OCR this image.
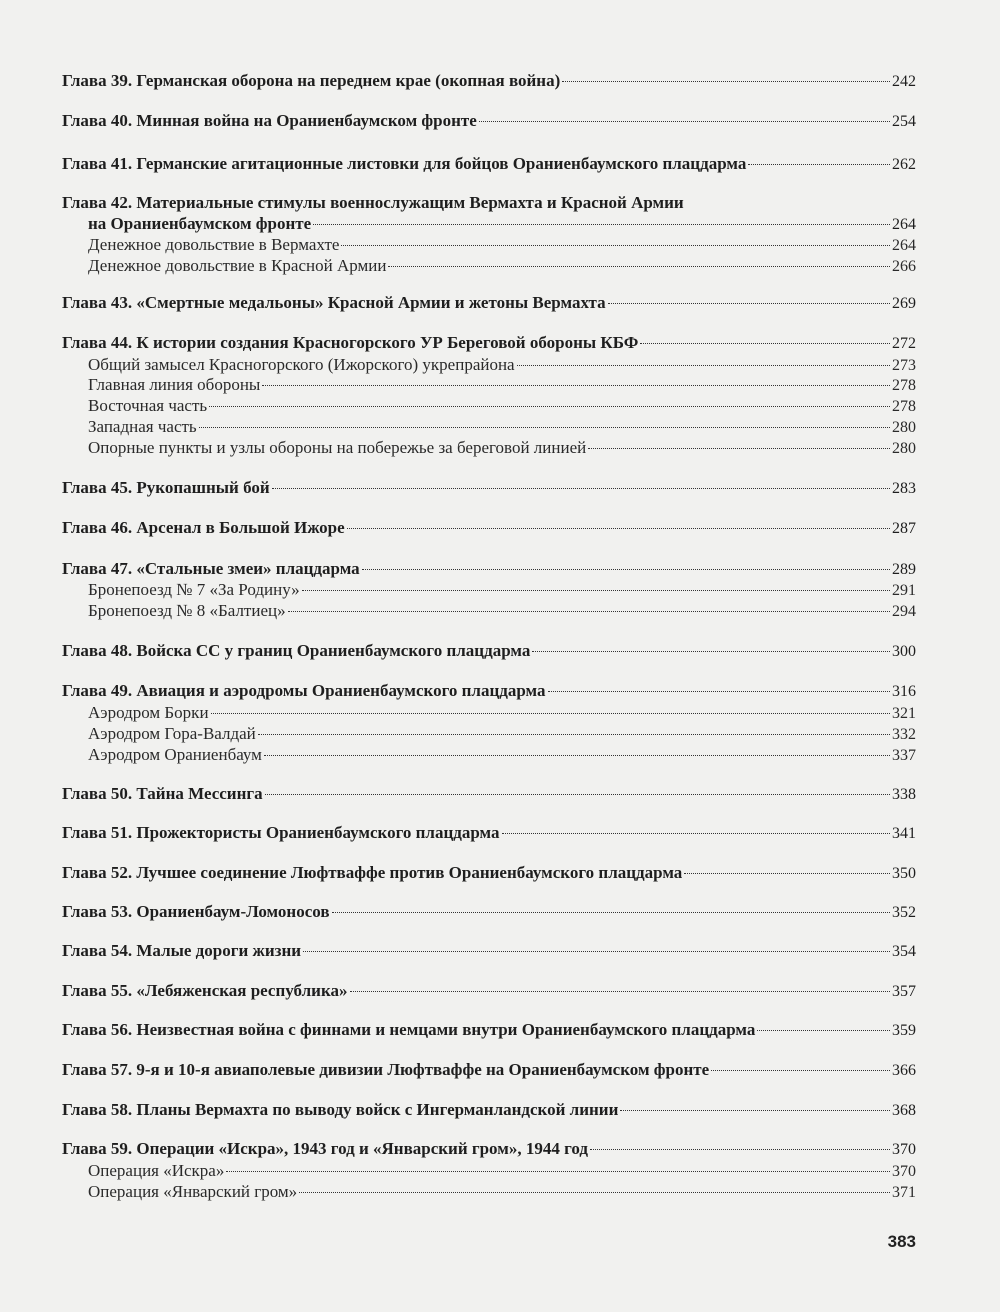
Глава 39. Германская оборона на переднем крае (окопная война)	242
Глава 40. Минная война на Ораниенбаумском фронте	254
Глава 41. Германские агитационные листовки для бойцов Ораниенбаумского плацдарма	262
Глава 42. Материальные стимулы военнослужащим Вермахта и Красной Армии
на Ораниенбаумском фронте	264
Денежное довольствие в Вермахте	264
Денежное довольствие в Красной Армии	266
Глава 43. «Смертные медальоны» Красной Армии и жетоны Вермахта	269
Глава 44. К истории создания Красногорского УР Береговой обороны КБФ	272
Общий замысел Красногорского (Ижорского) укрепрайона	273
Главная линия обороны	278
Восточная часть	278
Западная часть	280
Опорные пункты и узлы обороны на побережье за береговой линией	280
Глава 45. Рукопашный бой	283
Глава 46. Арсенал в Большой Ижоре	287
Глава 47. «Стальные змеи» плацдарма	289
Бронепоезд № 7 «За Родину»	291
Бронепоезд № 8 «Балтиец»	294
Глава 48. Войска СС у границ Ораниенбаумского плацдарма	300
Глава 49. Авиация и аэродромы Ораниенбаумского плацдарма	316
Аэродром Борки	321
Аэродром Гора-Валдай	332
Аэродром Ораниенбаум	337
Глава 50. Тайна Мессинга	338
Глава 51. Прожектористы Ораниенбаумского плацдарма	341
Глава 52. Лучшее соединение Люфтваффе против Ораниенбаумского плацдарма	350
Глава 53. Ораниенбаум-Ломоносов	352
Глава 54. Малые дороги жизни	354
Глава 55. «Лебяженская республика»	357
Глава 56. Неизвестная война с финнами и немцами внутри Ораниенбаумского плацдарма	359
Глава 57. 9-я и 10-я авиаполевые дивизии Люфтваффе на Ораниенбаумском фронте	366
Глава 58. Планы Вермахта по выводу войск с Ингерманландской линии	368
Глава 59. Операции «Искра», 1943 год и «Январский гром», 1944 год	370
Операция «Искра»	370
Операция «Январский гром»	371
383
